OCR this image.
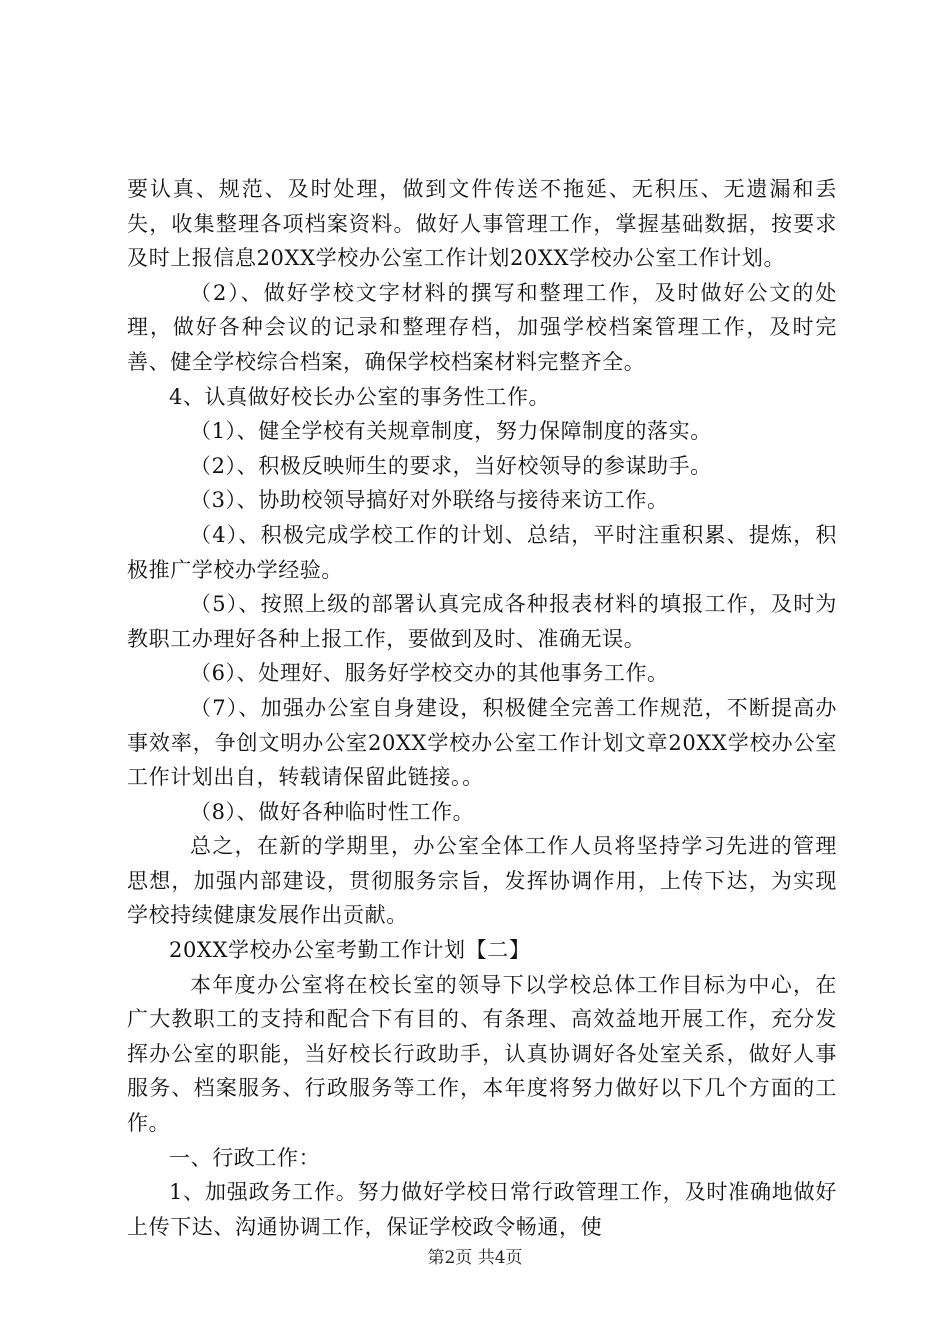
要认真、规范、及时处理，做到文件传送不拖延、无积压、无遗漏和丢失，收集整理各项档案资料。做好人事管理工作，掌握基础数据，按要求及时上报信息20XX学校办公室工作计划20XX学校办公室工作计划。

（2）、做好学校文字材料的撰写和整理工作，及时做好公文的处理，做好各种会议的记录和整理存档，加强学校档案管理工作，及时完善、健全学校综合档案，确保学校档案材料完整齐全。

4、认真做好校长办公室的事务性工作。

（1）、健全学校有关规章制度，努力保障制度的落实。

（2）、积极反映师生的要求，当好校领导的参谋助手。

（3）、协助校领导搞好对外联络与接待来访工作。

（4）、积极完成学校工作的计划、总结，平时注重积累、提炼，积极推广学校办学经验。

（5）、按照上级的部署认真完成各种报表材料的填报工作，及时为教职工办理好各种上报工作，要做到及时、准确无误。

（6）、处理好、服务好学校交办的其他事务工作。

（7）、加强办公室自身建设，积极健全完善工作规范，不断提高办事效率，争创文明办公室20XX学校办公室工作计划文章20XX学校办公室工作计划出自，转载请保留此链接。。

（8）、做好各种临时性工作。

总之，在新的学期里，办公室全体工作人员将坚持学习先进的管理思想，加强内部建设，贯彻服务宗旨，发挥协调作用，上传下达，为实现学校持续健康发展作出贡献。

20XX学校办公室考勤工作计划【二】

本年度办公室将在校长室的领导下以学校总体工作目标为中心，在广大教职工的支持和配合下有目的、有条理、高效益地开展工作，充分发挥办公室的职能，当好校长行政助手，认真协调好各处室关系，做好人事服务、档案服务、行政服务等工作，本年度将努力做好以下几个方面的工作。

一、行政工作：

1、加强政务工作。努力做好学校日常行政管理工作，及时准确地做好上传下达、沟通协调工作，保证学校政令畅通，使

第2页 共4页
